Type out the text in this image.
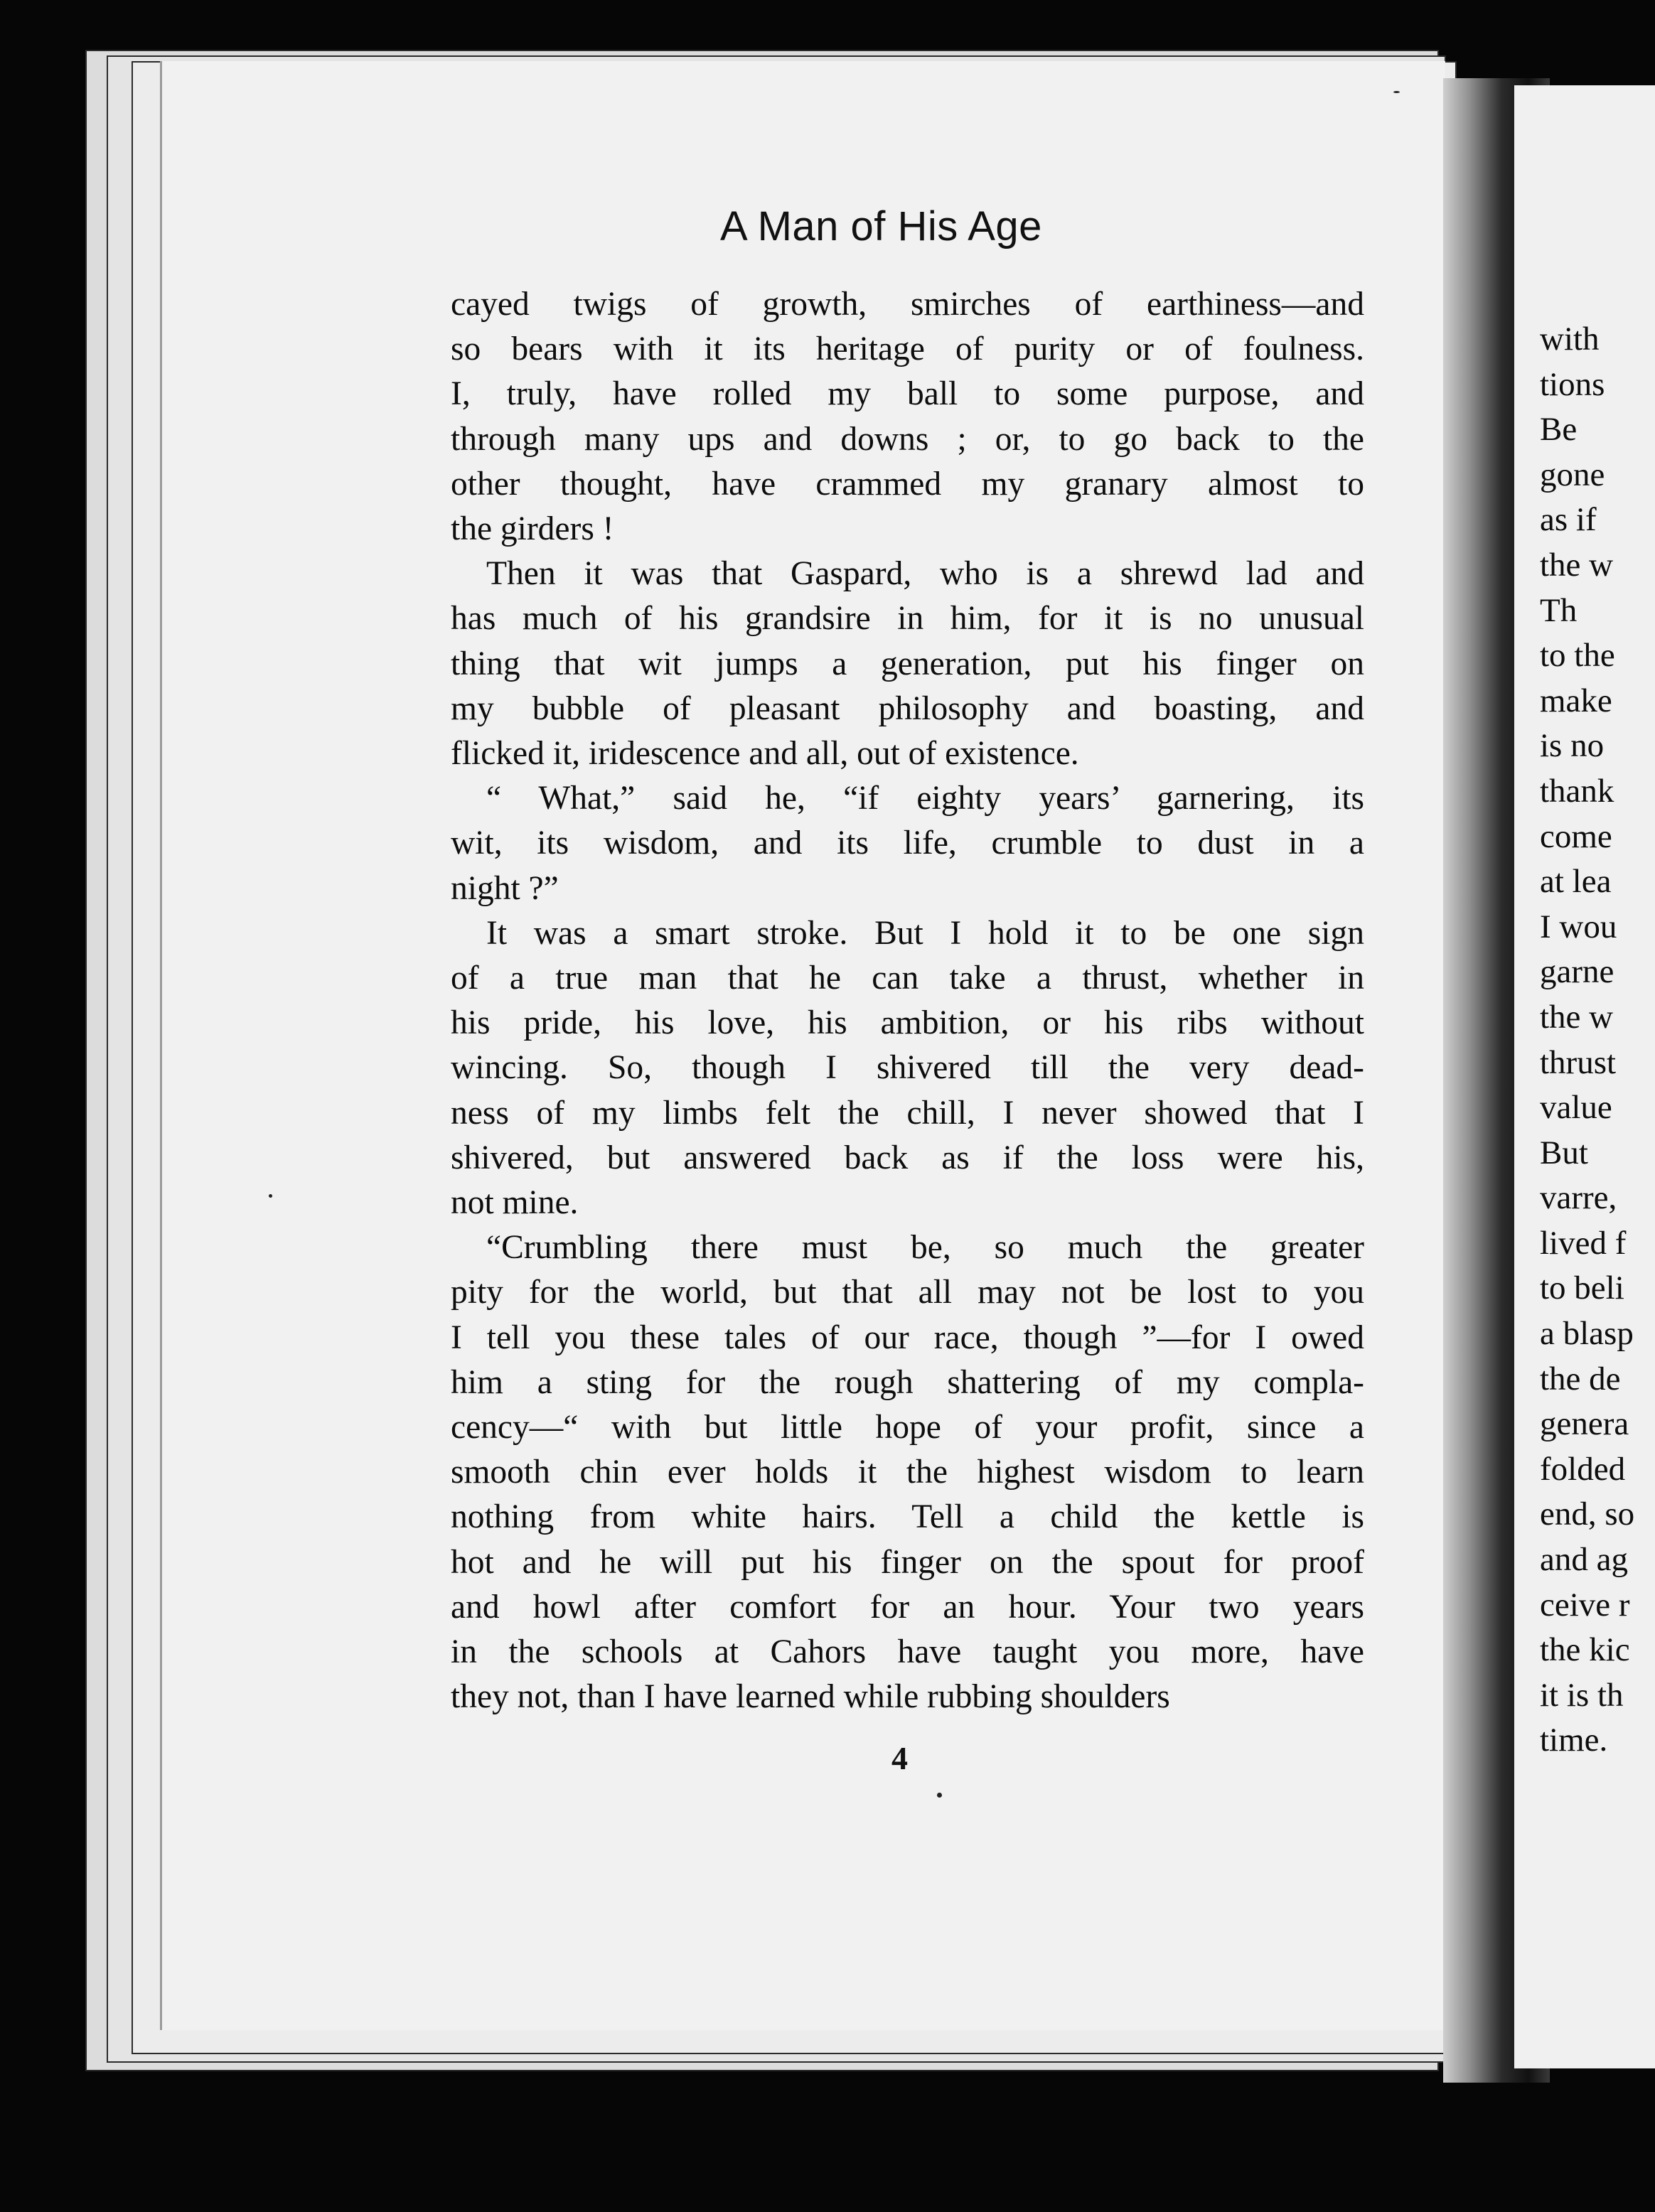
A Man of His Age
cayed twigs of growth, smirches of earthiness—and
so bears with it its heritage of purity or of foulness.
I, truly, have rolled my ball to some purpose, and
through many ups and downs ; or, to go back to the
other thought, have crammed my granary almost to
the girders !
Then it was that Gaspard, who is a shrewd lad and
has much of his grandsire in him, for it is no unusual
thing that wit jumps a generation, put his finger on
my bubble of pleasant philosophy and boasting, and
flicked it, iridescence and all, out of existence.
“ What,” said he, “if eighty years’ garnering, its
wit, its wisdom, and its life, crumble to dust in a
night ?”
It was a smart stroke. But I hold it to be one sign
of a true man that he can take a thrust, whether in
his pride, his love, his ambition, or his ribs without
wincing. So, though I shivered till the very dead-
ness of my limbs felt the chill, I never showed that I
shivered, but answered back as if the loss were his,
not mine.
“Crumbling there must be, so much the greater
pity for the world, but that all may not be lost to you
I tell you these tales of our race, though ”—for I owed
him a sting for the rough shattering of my compla-
cency—“ with but little hope of your profit, since a
smooth chin ever holds it the highest wisdom to learn
nothing from white hairs. Tell a child the kettle is
hot and he will put his finger on the spout for proof
and howl after comfort for an hour. Your two years
in the schools at Cahors have taught you more, have
they not, than I have learned while rubbing shoulders
4
with
tions
Be
gone
as if
the w
Th
to the
make
is no
thank
come
at lea
I wou
garne
the w
thrust
value
But
varre,
lived f
to beli
a blasp
the de
genera
folded
end, so
and ag
ceive r
the kic
it is th
time.
